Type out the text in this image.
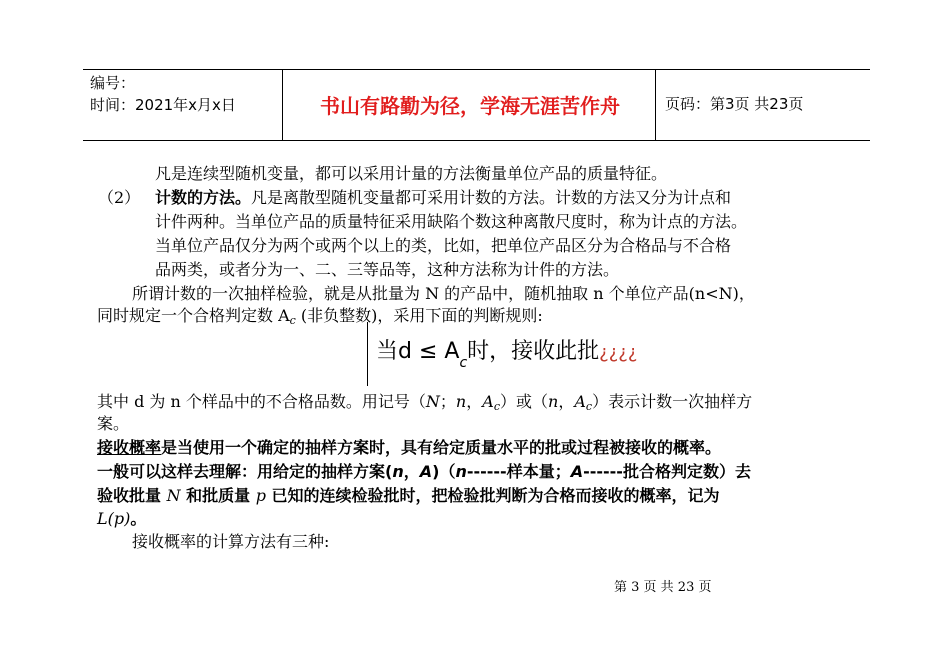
编号：
时间：2021年x月x日	书山有路勤为径，学海无涯苦作舟	页码：第3页 共23页
凡是连续型随机变量，都可以采用计量的方法衡量单位产品的质量特征。
（2） 计数的方法。凡是离散型随机变量都可采用计数的方法。计数的方法又分为计点和
计件两种。当单位产品的质量特征采用缺陷个数这种离散尺度时，称为计点的方法。
当单位产品仅分为两个或两个以上的类，比如，把单位产品区分为合格品与不合格
品两类，或者分为一、二、三等品等，这种方法称为计件的方法。
所谓计数的一次抽样检验，就是从批量为 N 的产品中，随机抽取 n 个单位产品(n<N)，
同时规定一个合格判定数 $A_c$ (非负整数)，采用下面的判断规则:
当$d \le A_c$时，接收此批¿¿¿¿
其中 d 为 n 个样品中的不合格品数。用记号（N；n，$A_c$）或（n，$A_c$）表示计数一次抽样方
案。
接收概率是当使用一个确定的抽样方案时，具有给定质量水平的批或过程被接收的概率。
一般可以这样去理解：用给定的抽样方案(n，A)（n------样本量；A------批合格判定数）去
验收批量 N 和批质量 p 已知的连续检验批时，把检验批判断为合格而接收的概率，记为
L(p)。
接收概率的计算方法有三种:
第 3 页 共 23 页
